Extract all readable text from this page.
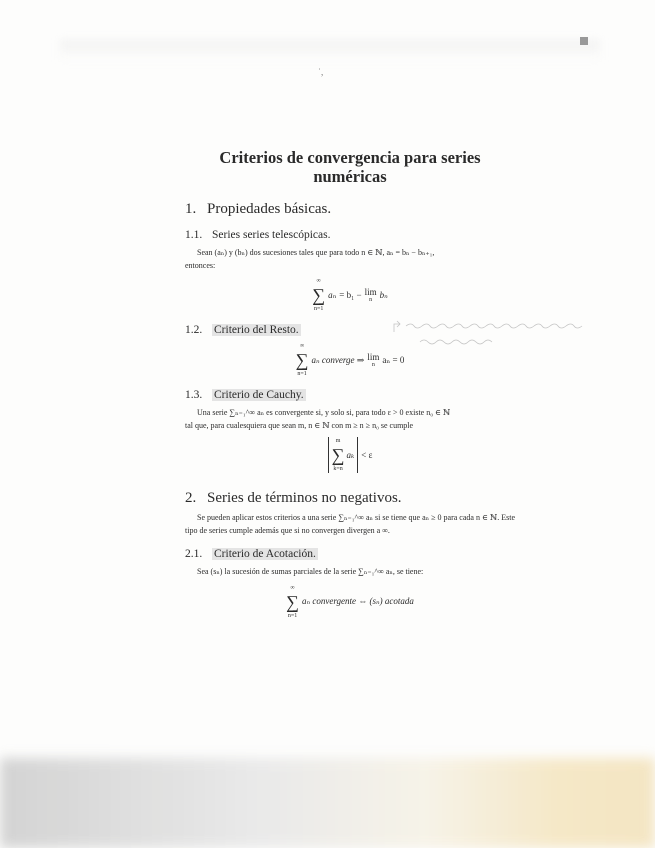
˙,
Criterios de convergencia para series
numéricas
1. Propiedades básicas.
1.1. Series series telescópicas.
Sean (aₙ) y (bₙ) dos sucesiones tales que para todo n ∈ ℕ, aₙ = bₙ − bₙ₊₁,
entonces:
∞
∑
n=1
aₙ = b₁ − lim
n bₙ
1.2. Criterio del Resto.
∞
∑
n=1
aₙ converge ⇒ lim
n aₙ = 0
1.3. Criterio de Cauchy.
Una serie ∑ₙ₌₁^∞ aₙ es convergente si, y solo si, para todo ε > 0 existe n₀ ∈ ℕ
tal que, para cualesquiera que sean m, n ∈ ℕ con m ≥ n ≥ n₀ se cumple
m
∑
k=n
aₖ < ε
2. Series de términos no negativos.
Se pueden aplicar estos criterios a una serie ∑ₙ₌₁^∞ aₙ si se tiene que aₙ ≥ 0 para cada n ∈ ℕ. Este tipo de series cumple además que si no convergen divergen a ∞.
2.1. Criterio de Acotación.
Sea (sₙ) la sucesión de sumas parciales de la serie ∑ₙ₌₁^∞ aₙ, se tiene:
∞
∑
n=1
aₙ convergente ⇔ (sₙ) acotada
